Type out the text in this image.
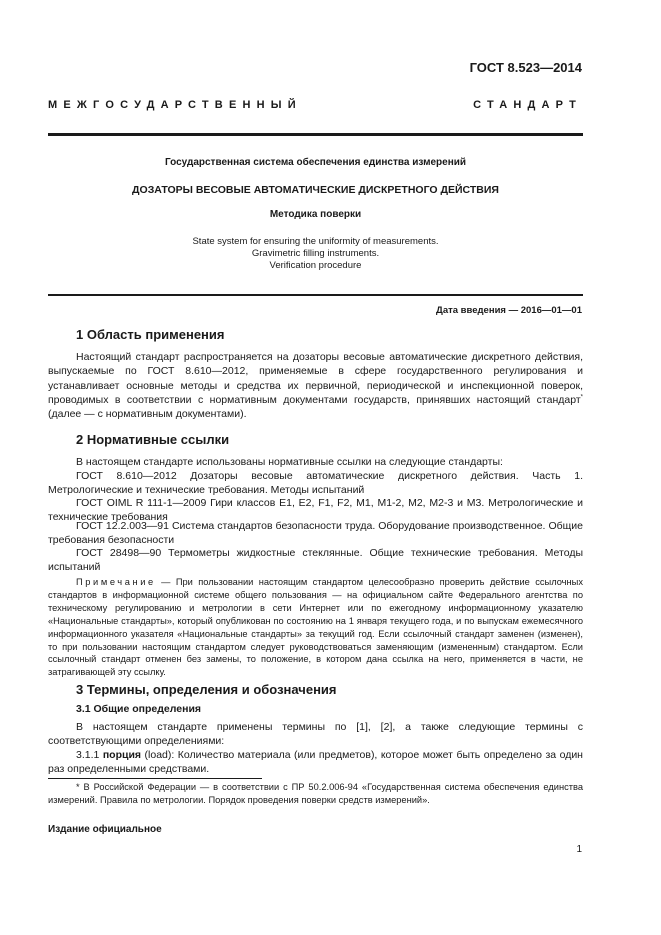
ГОСТ 8.523—2014
МЕЖГОСУДАРСТВЕННЫЙ	СТАНДАРТ
Государственная система обеспечения единства измерений
ДОЗАТОРЫ ВЕСОВЫЕ АВТОМАТИЧЕСКИЕ ДИСКРЕТНОГО ДЕЙСТВИЯ
Методика поверки
State system for ensuring the uniformity of measurements.
Gravimetric filling instruments.
Verification procedure
Дата введения — 2016—01—01
1 Область применения
Настоящий стандарт распространяется на дозаторы весовые автоматические дискретного действия, выпускаемые по ГОСТ 8.610—2012, применяемые в сфере государственного регулирования и устанавливает основные методы и средства их первичной, периодической и инспекционной поверок, проводимых в соответствии с нормативным документами государств, принявших настоящий стандарт* (далее — с нормативным документами).
2 Нормативные ссылки
В настоящем стандарте использованы нормативные ссылки на следующие стандарты:
ГОСТ 8.610—2012 Дозаторы весовые автоматические дискретного действия. Часть 1. Метрологические и технические требования. Методы испытаний
ГОСТ OIML R 111-1—2009 Гири классов E1, E2, F1, F2, M1, M1-2, M2, M2-3 и M3. Метрологические и технические требования
ГОСТ 12.2.003—91 Система стандартов безопасности труда. Оборудование производственное. Общие требования безопасности
ГОСТ 28498—90 Термометры жидкостные стеклянные. Общие технические требования. Методы испытаний
Примечание — При пользовании настоящим стандартом целесообразно проверить действие ссылочных стандартов в информационной системе общего пользования — на официальном сайте Федерального агентства по техническому регулированию и метрологии в сети Интернет или по ежегодному информационному указателю «Национальные стандарты», который опубликован по состоянию на 1 января текущего года, и по выпускам ежемесячного информационного указателя «Национальные стандарты» за текущий год. Если ссылочный стандарт заменен (изменен), то при пользовании настоящим стандартом следует руководствоваться заменяющим (измененным) стандартом. Если ссылочный стандарт отменен без замены, то положение, в котором дана ссылка на него, применяется в части, не затрагивающей эту ссылку.
3 Термины, определения и обозначения
3.1 Общие определения
В настоящем стандарте применены термины по [1], [2], а также следующие термины с соответствующими определениями:
3.1.1 порция (load): Количество материала (или предметов), которое может быть определено за один раз определенными средствами.
* В Российской Федерации — в соответствии с ПР 50.2.006-94 «Государственная система обеспечения единства измерений. Правила по метрологии. Порядок проведения поверки средств измерений».
Издание официальное
1
